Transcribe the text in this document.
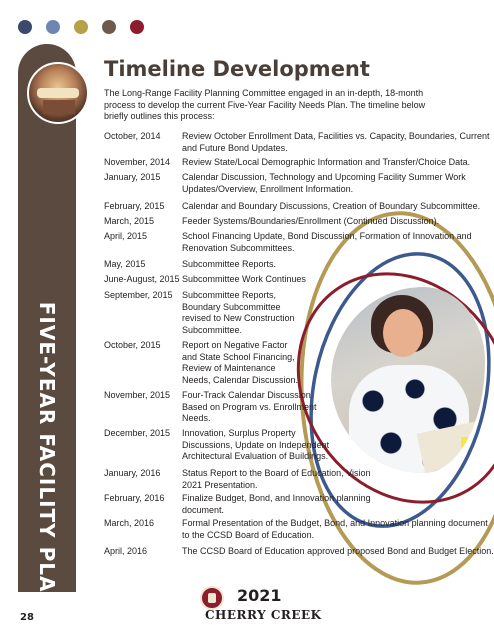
FIVE-YEAR FACILITY PLAN
Timeline Development
The Long-Range Facility Planning Committee engaged in an in-depth, 18-month process to develop the current Five-Year Facility Needs Plan. The timeline below briefly outlines this process:
October, 2014	Review October Enrollment Data, Facilities vs. Capacity, Boundaries, Current
and Future Bond Updates.
November, 2014	Review State/Local Demographic Information and Transfer/Choice Data.
January, 2015	Calendar Discussion, Technology and Upcoming Facility Summer Work
Updates/Overview, Enrollment Information.
February, 2015	Calendar and Boundary Discussions, Creation of Boundary Subcommittee.
March, 2015	Feeder Systems/Boundaries/Enrollment (Continued Discussion).
April, 2015	School Financing Update, Bond Discussion, Formation of Innovation and
Renovation Subcommittees.
May, 2015	Subcommittee Reports.
June-August, 2015 Subcommittee Work Continues
September, 2015	Subcommittee Reports,
Boundary Subcommittee
revised to New Construction
Subcommittee.
October, 2015	Report on Negative Factor
and State School Financing,
Review of Maintenance
Needs, Calendar Discussion.
November, 2015	Four-Track Calendar Discussion
Based on Program vs. Enrollment
Needs.
December, 2015	Innovation, Surplus Property
Discussions, Update on Independent
Architectural Evaluation of Buildings.
January, 2016	Status Report to the Board of Education, Vision
2021 Presentation.
February, 2016	Finalize Budget, Bond, and Innovation planning
document.
March, 2016	Formal Presentation of the Budget, Bond, and Innovation planning document
to the CCSD Board of Education.
April, 2016	The CCSD Board of Education approved proposed Bond and Budget Election.
28
2021
CHERRY CREEK
